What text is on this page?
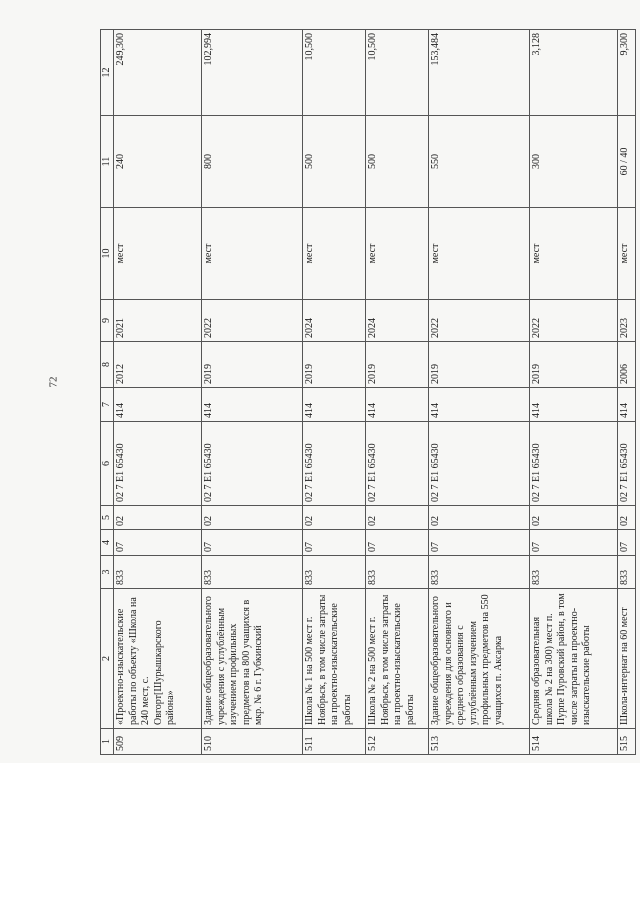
72
1	2	3	4	5	6	7	8	9	10	11	12
509	«Проектно-изыскательские работы по объекту «Школа на 240 мест, с. Овгорт[Шурышкарского района»	833	07	02	02 7 E1 65430	414	2012	2021	мест	240	249,300
510	Здание общеобразовательного учреждения с углублённым изучением профильных предметов на 800 учащихся в мкр. № 6 г. Губкинский	833	07	02	02 7 E1 65430	414	2019	2022	мест	800	102,994
511	Школа № 1 на 500 мест г. Ноябрьск, в том числе затраты на проектно-изыскательские работы	833	07	02	02 7 E1 65430	414	2019	2024	мест	500	10,500
512	Школа № 2 на 500 мест г. Ноябрьск, в том числе затраты на проектно-изыскательские работы	833	07	02	02 7 E1 65430	414	2019	2024	мест	500	10,500
513	Здание общеобразовательного учреждения для основного и среднего образования с углублённым изучением профильных предметов на 550 учащихся п. Аксарка	833	07	02	02 7 E1 65430	414	2019	2022	мест	550	153,484
514	Средняя образовательная школа № 2 на 300) мест п. Пурпе Пуровский район, в том числе затраты на проектно-изыскательские работы	833	07	02	02 7 E1 65430	414	2019	2022	мест	300	3,128
515	Школа-интернат на 60 мест	833	07	02	02 7 E1 65430	414	2006	2023	мест	60 / 40	9,300
